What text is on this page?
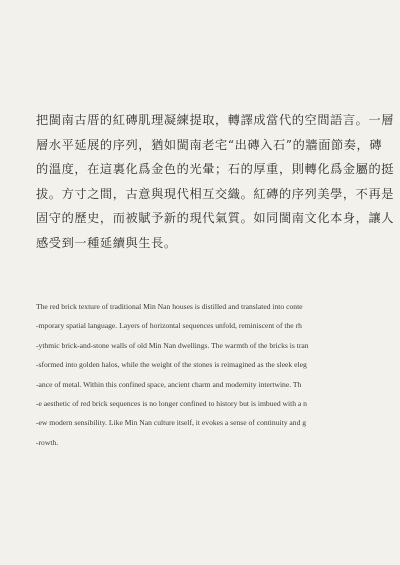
把閩南古厝的紅磚肌理凝練提取，轉譯成當代的空間語言。一層
層水平延展的序列，猶如閩南老宅“出磚入石”的牆面節奏，磚
的溫度，在這裏化爲金色的光暈；石的厚重，則轉化爲金屬的挺
拔。方寸之間，古意與現代相互交織。紅磚的序列美學，不再是
固守的歷史，而被賦予新的現代氣質。如同閩南文化本身，讓人
感受到一種延續與生長。
The red brick texture of traditional Min Nan houses is distilled and translated into conte
-mporary spatial language. Layers of horizontal sequences unfold, reminiscent of the rh
-ythmic brick-and-stone walls of old Min Nan dwellings. The warmth of the bricks is tran
-sformed into golden halos, while the weight of the stones is reimagined as the sleek eleg
-ance of metal. Within this confined space, ancient charm and modernity intertwine. Th
-e aesthetic of red brick sequences is no longer confined to history but is imbued with a n
-ew modern sensibility. Like Min Nan culture itself, it evokes a sense of continuity and g
-rowth.
